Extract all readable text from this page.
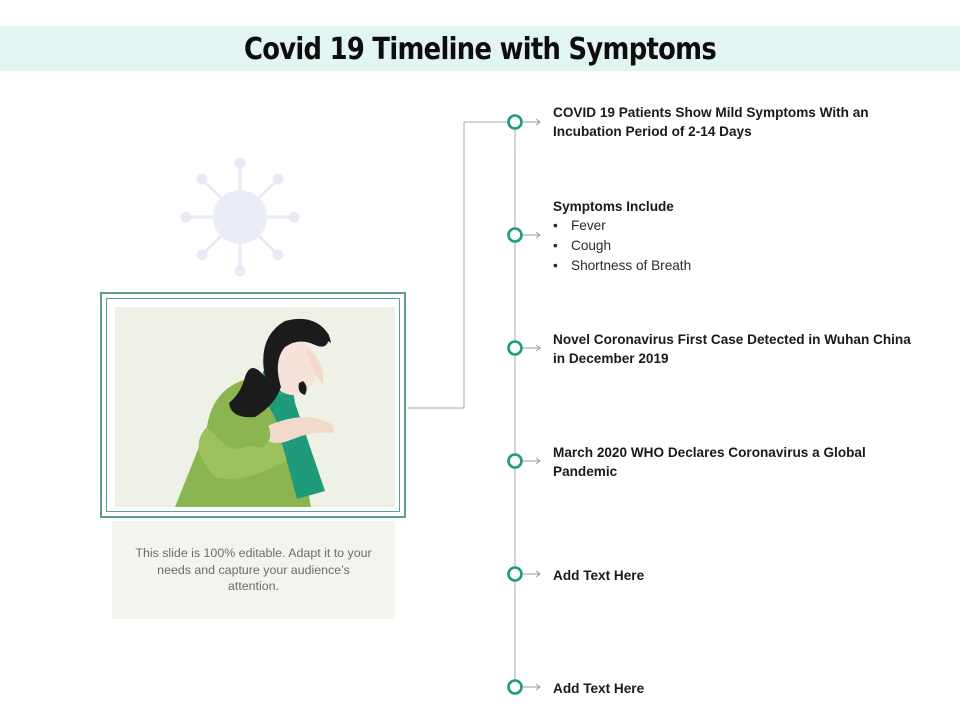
Covid 19 Timeline with Symptoms
This slide is 100% editable. Adapt it to your needs and capture your audience’s attention.
COVID 19 Patients Show Mild Symptoms With an Incubation Period of 2-14 Days
Symptoms Include
• Fever
• Cough
• Shortness of Breath
Novel Coronavirus First Case Detected in Wuhan China in December 2019
March 2020 WHO Declares Coronavirus a Global Pandemic
Add Text Here
Add Text Here
